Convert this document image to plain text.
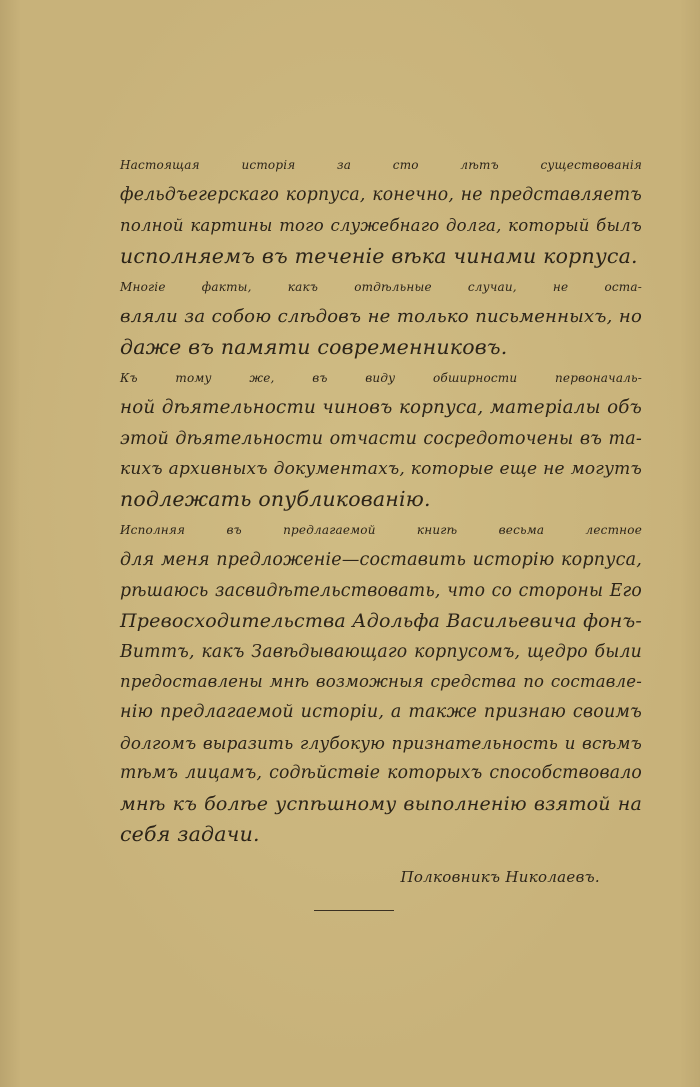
Настоящая исторія за сто лѣтъ существованія
фельдъегерскаго корпуса, конечно, не представляетъ
полной картины того служебнаго долга, который былъ
исполняемъ въ теченіе вѣка чинами корпуса.

Многіе факты, какъ отдѣльные случаи, не оста-
вляли за собою слѣдовъ не только письменныхъ, но
даже въ памяти современниковъ.

Къ тому же, въ виду обширности первоначаль-
ной дѣятельности чиновъ корпуса, матеріалы объ
этой дѣятельности отчасти сосредоточены въ та-
кихъ архивныхъ документахъ, которые еще не могутъ
подлежать опубликованію.

Исполняя въ предлагаемой книгѣ весьма лестное
для меня предложеніе—составить исторію корпуса,
рѣшаюсь засвидѣтельствовать, что со стороны Его
Превосходительства Адольфа Васильевича фонъ-
Виттъ, какъ Завѣдывающаго корпусомъ, щедро были
предоставлены мнѣ возможныя средства по составле-
нію предлагаемой исторіи, а также признаю своимъ
долгомъ выразить глубокую признательность и всѣмъ
тѣмъ лицамъ, содѣйствіе которыхъ способствовало
мнѣ къ болѣе успѣшному выполненію взятой на
себя задачи.

Полковникъ Николаевъ.
